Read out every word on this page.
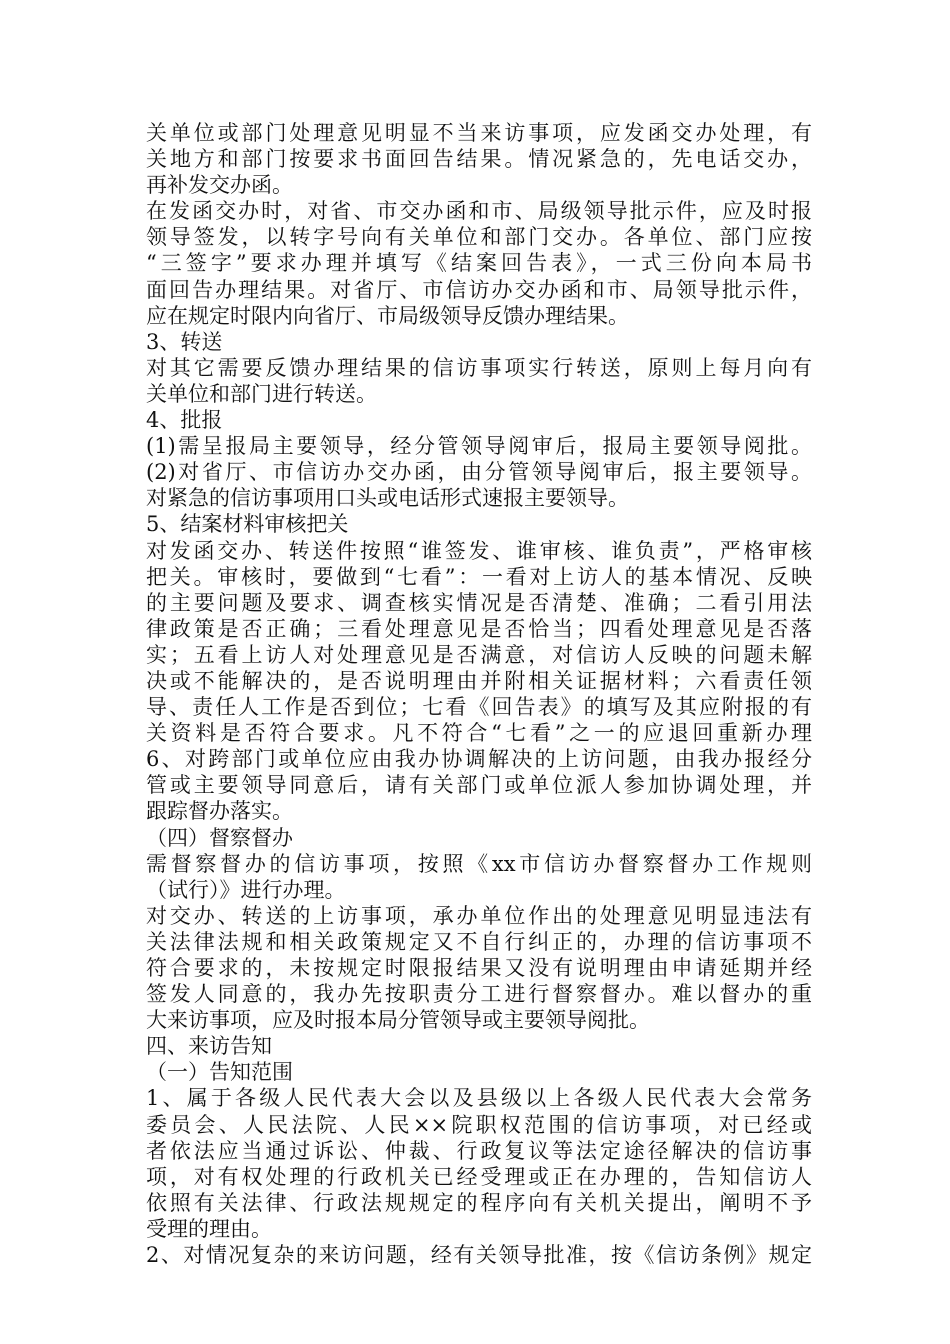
关单位或部门处理意见明显不当来访事项，应发函交办处理，有
关地方和部门按要求书面回告结果。情况紧急的，先电话交办，
再补发交办函。
在发函交办时，对省、市交办函和市、局级领导批示件，应及时报
领导签发，以转字号向有关单位和部门交办。各单位、部门应按
“三签字”要求办理并填写《结案回告表》，一式三份向本局书
面回告办理结果。对省厅、市信访办交办函和市、局领导批示件，
应在规定时限内向省厅、市局级领导反馈办理结果。
3、转送
对其它需要反馈办理结果的信访事项实行转送，原则上每月向有
关单位和部门进行转送。
4、批报
(1)需呈报局主要领导，经分管领导阅审后，报局主要领导阅批。
(2)对省厅、市信访办交办函，由分管领导阅审后，报主要领导。
对紧急的信访事项用口头或电话形式速报主要领导。
5、结案材料审核把关
对发函交办、转送件按照“谁签发、谁审核、谁负责”，严格审核
把关。审核时，要做到“七看”：一看对上访人的基本情况、反映
的主要问题及要求、调查核实情况是否清楚、准确；二看引用法
律政策是否正确；三看处理意见是否恰当；四看处理意见是否落
实；五看上访人对处理意见是否满意，对信访人反映的问题未解
决或不能解决的，是否说明理由并附相关证据材料；六看责任领
导、责任人工作是否到位；七看《回告表》的填写及其应附报的有
关资料是否符合要求。凡不符合“七看”之一的应退回重新办理
6、对跨部门或单位应由我办协调解决的上访问题，由我办报经分
管或主要领导同意后，请有关部门或单位派人参加协调处理，并
跟踪督办落实。
（四）督察督办
需督察督办的信访事项，按照《xx市信访办督察督办工作规则
（试行）》进行办理。
对交办、转送的上访事项，承办单位作出的处理意见明显违法有
关法律法规和相关政策规定又不自行纠正的，办理的信访事项不
符合要求的，未按规定时限报结果又没有说明理由申请延期并经
签发人同意的，我办先按职责分工进行督察督办。难以督办的重
大来访事项，应及时报本局分管领导或主要领导阅批。
四、来访告知
（一）告知范围
1、属于各级人民代表大会以及县级以上各级人民代表大会常务
委员会、人民法院、人民××院职权范围的信访事项，对已经或
者依法应当通过诉讼、仲裁、行政复议等法定途径解决的信访事
项，对有权处理的行政机关已经受理或正在办理的，告知信访人
依照有关法律、行政法规规定的程序向有关机关提出，阐明不予
受理的理由。
2、对情况复杂的来访问题，经有关领导批准，按《信访条例》规定
